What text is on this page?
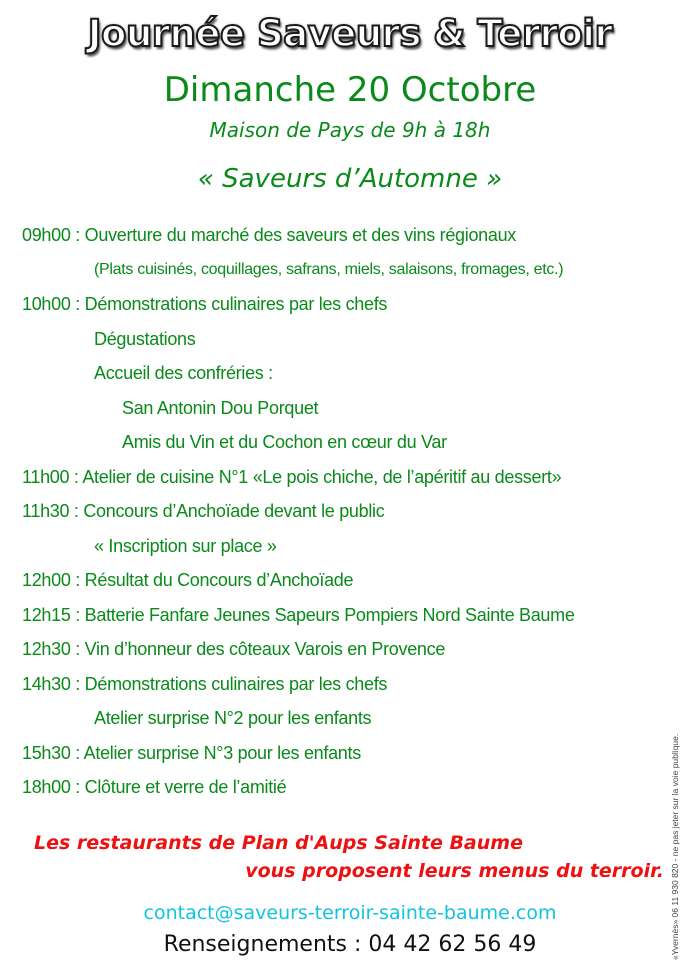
Journée Saveurs & Terroir
Dimanche 20 Octobre
Maison de Pays de 9h à 18h
« Saveurs d’Automne »
09h00 : Ouverture du marché des saveurs et des vins régionaux
(Plats cuisinés, coquillages, safrans, miels, salaisons, fromages, etc.)
10h00 : Démonstrations culinaires par les chefs
Dégustations
Accueil des confréries :
San Antonin Dou Porquet
Amis du Vin et du Cochon en cœur du Var
11h00 : Atelier de cuisine N°1 «Le pois chiche, de l’apéritif au dessert»
11h30 : Concours d’Anchoïade devant le public
« Inscription sur place »
12h00 : Résultat du Concours d’Anchoïade
12h15 : Batterie Fanfare Jeunes Sapeurs Pompiers Nord Sainte Baume
12h30 : Vin d’honneur des côteaux Varois en Provence
14h30 : Démonstrations culinaires par les chefs
Atelier surprise N°2 pour les enfants
15h30 : Atelier surprise N°3 pour les enfants
18h00 : Clôture et verre de l’amitié
Les restaurants de Plan d'Aups Sainte Baume
vous proposent leurs menus du terroir.
contact@saveurs-terroir-sainte-baume.com
Renseignements : 04 42 62 56 49	«Yvernès» 06 11 930 820 - ne pas jeter sur la voie publique.
